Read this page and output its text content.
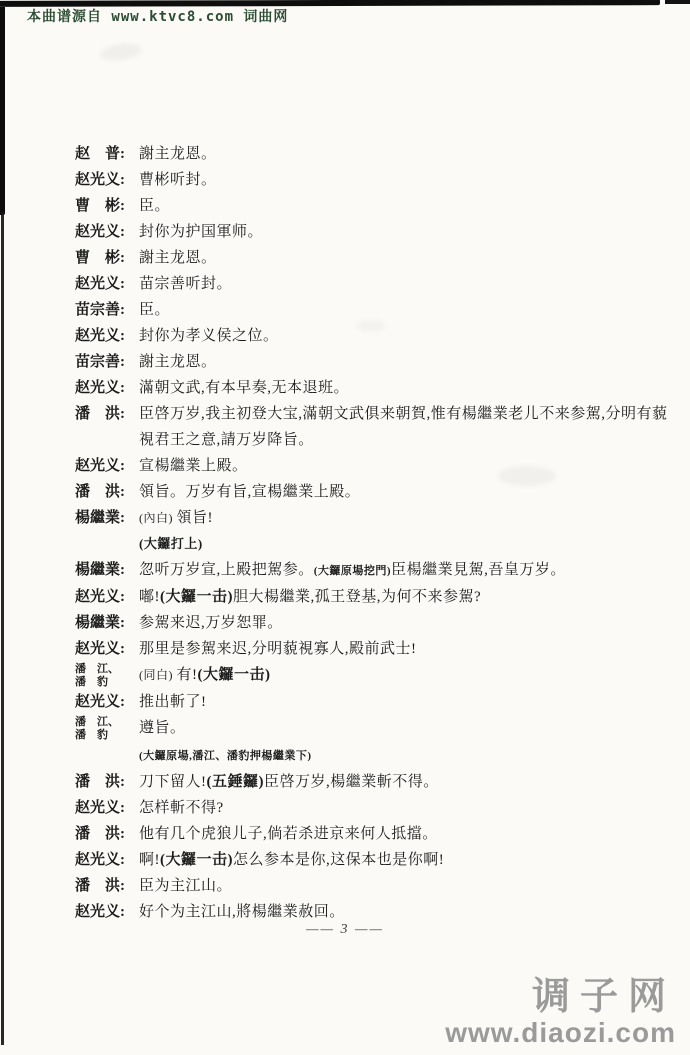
本曲谱源自 www.ktvc8.com 词曲网
赵　普: 謝主龙恩。
赵光义: 曹彬听封。
曹　彬: 臣。
赵光义: 封你为护国軍师。
曹　彬: 謝主龙恩。
赵光义: 苗宗善听封。
苗宗善: 臣。
赵光义: 封你为孝义侯之位。
苗宗善: 謝主龙恩。
赵光义: 滿朝文武,有本早奏,无本退班。
潘　洪: 臣啓万岁,我主初登大宝,滿朝文武俱来朝賀,惟有楊繼業老儿不来参駕,分明有藐視君王之意,請万岁降旨。
赵光义: 宣楊繼業上殿。
潘　洪: 領旨。万岁有旨,宣楊繼業上殿。
楊繼業:	(內白) 領旨!
(大鑼打上)
楊繼業: 忽听万岁宣,上殿把駕参。(大鑼原場挖門)臣楊繼業見駕,吾皇万岁。
赵光义: 嘟!(大鑼一击)胆大楊繼業,孤王登基,为何不来参駕?
楊繼業: 参駕来迟,万岁恕罪。
赵光义: 那里是参駕来迟,分明藐視寡人,殿前武士!
潘　江、
潘　豹	(同白) 有!(大鑼一击)
赵光义: 推出斬了!
潘　江、
潘　豹	遵旨。
(大鑼原場,潘江、潘豹押楊繼業下)
潘　洪: 刀下留人!(五錘鑼)臣啓万岁,楊繼業斬不得。
赵光义: 怎样斬不得?
潘　洪: 他有几个虎狼儿子,倘若杀进京来何人抵擋。
赵光义: 啊!(大鑼一击)怎么参本是你,这保本也是你啊!
潘　洪: 臣为主江山。
赵光义: 好个为主江山,將楊繼業赦回。
—— 3 ——
调子网
www.diaozi.com
